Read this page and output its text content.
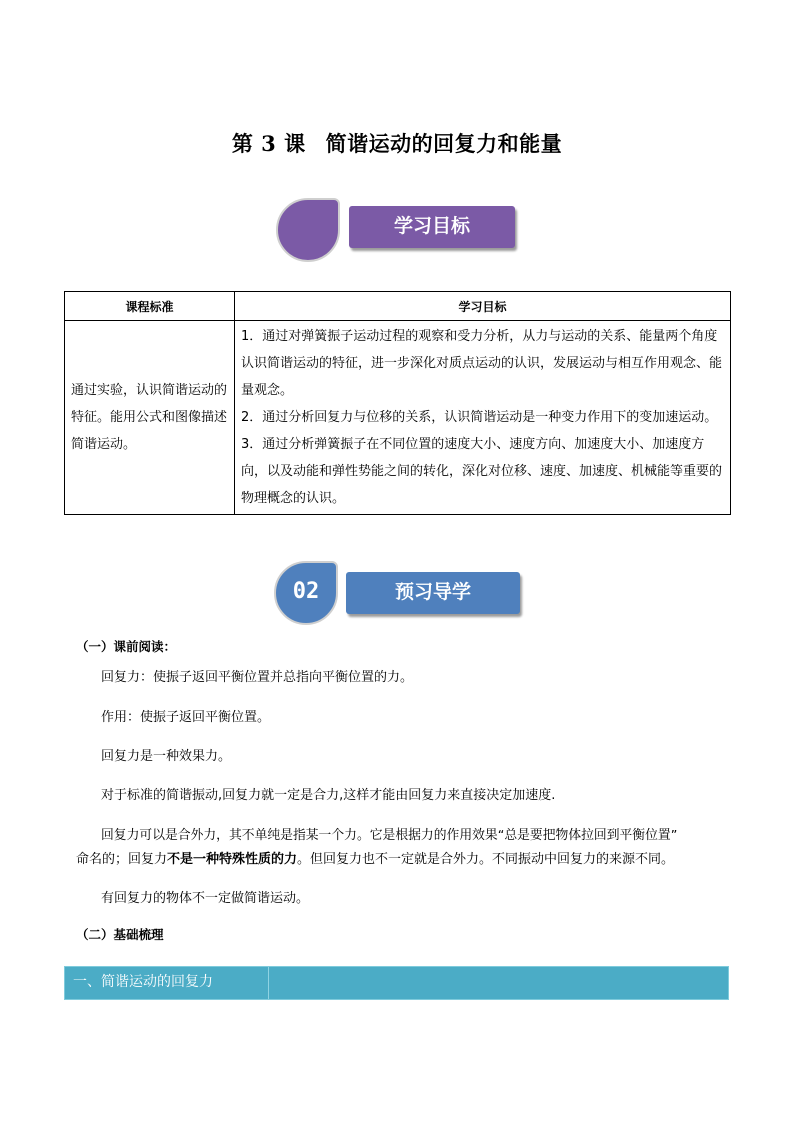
第 3 课 简谐运动的回复力和能量
学习目标
课程标准	学习目标
通过实验，认识简谐运动的特征。能用公式和图像描述简谐运动。	1．通过对弹簧振子运动过程的观察和受力分析，从力与运动的关系、能量两个角度认识简谐运动的特征，进一步深化对质点运动的认识，发展运动与相互作用观念、能量观念。

2．通过分析回复力与位移的关系，认识简谐运动是一种变力作用下的变加速运动。

3．通过分析弹簧振子在不同位置的速度大小、速度方向、加速度大小、加速度方向，以及动能和弹性势能之间的转化，深化对位移、速度、加速度、机械能等重要的物理概念的认识。

02	预习导学
（一）课前阅读：
回复力：使振子返回平衡位置并总指向平衡位置的力。
作用：使振子返回平衡位置。
回复力是一种效果力。
对于标准的简谐振动,回复力就一定是合力,这样才能由回复力来直接决定加速度.
回复力可以是合外力，其不单纯是指某一个力。它是根据力的作用效果“总是要把物体拉回到平衡位置”
命名的；回复力不是一种特殊性质的力。但回复力也不一定就是合外力。不同振动中回复力的来源不同。
有回复力的物体不一定做简谐运动。
（二）基础梳理
一、简谐运动的回复力
